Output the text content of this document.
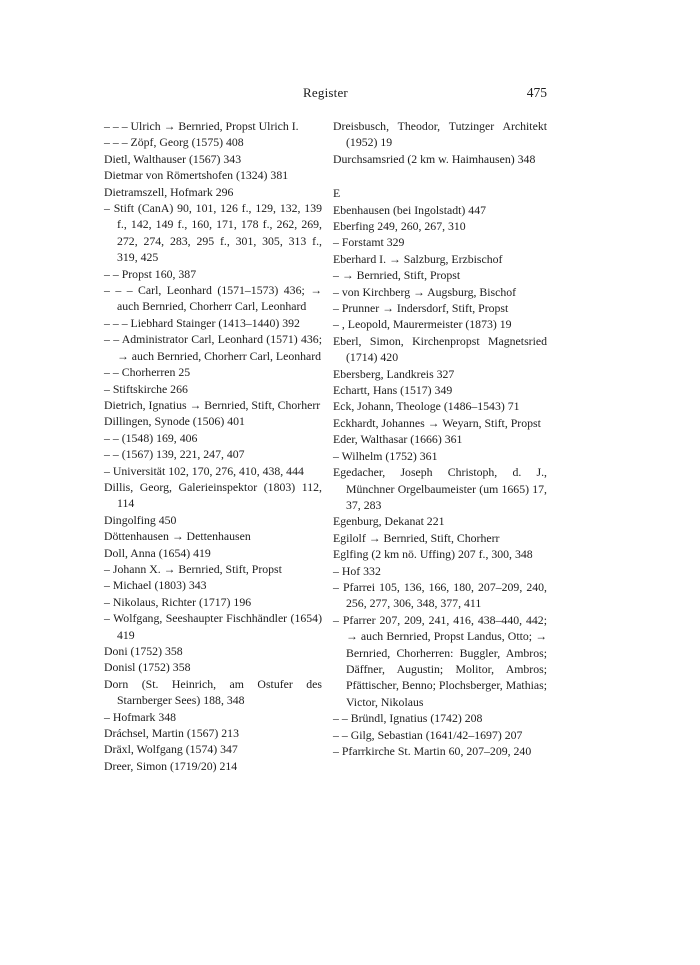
Register	475
– – – Ulrich → Bernried, Propst Ulrich I.
– – – Zöpf, Georg (1575) 408
Dietl, Walthauser (1567) 343
Dietmar von Römertshofen (1324) 381
Dietramszell, Hofmark 296
– Stift (CanA) 90, 101, 126 f., 129, 132, 139 f., 142, 149 f., 160, 171, 178 f., 262, 269, 272, 274, 283, 295 f., 301, 305, 313 f., 319, 425
– – Propst 160, 387
– – – Carl, Leonhard (1571–1573) 436; → auch Bernried, Chorherr Carl, Leonhard
– – – Liebhard Stainger (1413–1440) 392
– – Administrator Carl, Leonhard (1571) 436; → auch Bernried, Chorherr Carl, Leonhard
– – Chorherren 25
– Stiftskirche 266
Dietrich, Ignatius → Bernried, Stift, Chorherr
Dillingen, Synode (1506) 401
– – (1548) 169, 406
– – (1567) 139, 221, 247, 407
– Universität 102, 170, 276, 410, 438, 444
Dillis, Georg, Galerieinspektor (1803) 112, 114
Dingolfing 450
Döttenhausen → Dettenhausen
Doll, Anna (1654) 419
– Johann X. → Bernried, Stift, Propst
– Michael (1803) 343
– Nikolaus, Richter (1717) 196
– Wolfgang, Seeshaupter Fischhändler (1654) 419
Doni (1752) 358
Donisl (1752) 358
Dorn (St. Heinrich, am Ostufer des Starnberger Sees) 188, 348
– Hofmark 348
Dráchsel, Martin (1567) 213
Dräxl, Wolfgang (1574) 347
Dreer, Simon (1719/20) 214
Dreisbusch, Theodor, Tutzinger Architekt (1952) 19
Durchsamsried (2 km w. Haimhausen) 348
E
Ebenhausen (bei Ingolstadt) 447
Eberfing 249, 260, 267, 310
– Forstamt 329
Eberhard I. → Salzburg, Erzbischof
– → Bernried, Stift, Propst
– von Kirchberg → Augsburg, Bischof
– Prunner → Indersdorf, Stift, Propst
– , Leopold, Maurermeister (1873) 19
Eberl, Simon, Kirchenpropst Magnetsried (1714) 420
Ebersberg, Landkreis 327
Echartt, Hans (1517) 349
Eck, Johann, Theologe (1486–1543) 71
Eckhardt, Johannes → Weyarn, Stift, Propst
Eder, Walthasar (1666) 361
– Wilhelm (1752) 361
Egedacher, Joseph Christoph, d. J., Münchner Orgelbaumeister (um 1665) 17, 37, 283
Egenburg, Dekanat 221
Egilolf → Bernried, Stift, Chorherr
Eglfing (2 km nö. Uffing) 207 f., 300, 348
– Hof 332
– Pfarrei 105, 136, 166, 180, 207–209, 240, 256, 277, 306, 348, 377, 411
– Pfarrer 207, 209, 241, 416, 438–440, 442; → auch Bernried, Propst Landus, Otto; → Bernried, Chorherren: Buggler, Ambros; Däffner, Augustin; Molitor, Ambros; Pfättischer, Benno; Plochsberger, Mathias; Victor, Nikolaus
– – Bründl, Ignatius (1742) 208
– – Gilg, Sebastian (1641/42–1697) 207
– Pfarrkirche St. Martin 60, 207–209, 240
